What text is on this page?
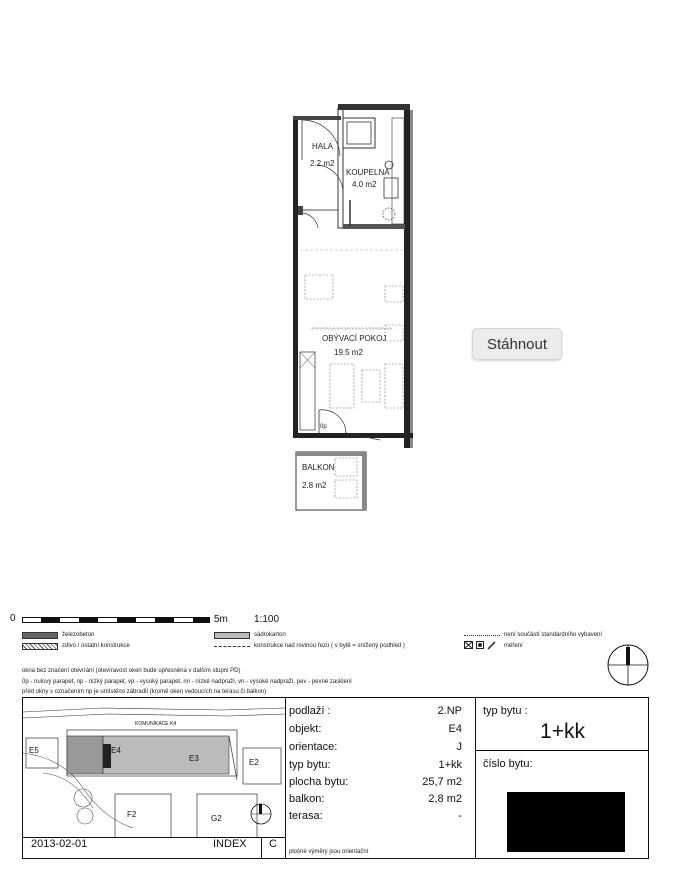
HALA
2.2 m2
KOUPELNA
4.0 m2
OBÝVACÍ POKOJ
19.5 m2
BALKON
2.8 m2
0p
Stáhnout
0	5m	1:100
železobeton
zdivo / ostatní konstrukce
sádrokarton
konstrukce nad rovinou řezu ( v bytě = snížený podhled )
není součástí standardního vybavení
měření
okna bez značení otevírání (otevíravost oken bude upřesněna v dalším stupni PD)
0p - nulový parapet, np - nízký parapet, vp - vysoký parapet, nn - nízké nadpraží, vn - vysoké nadpraží, pev - pevné zasklení
před okny s označením np je umístěno zábradlí (kromě oken vedoucích na terasu či balkon)
KOMUNIKACE K4
E5	E4
E3	E2
F2	G2
podlaží :	2.NP
objekt:	E4
orientace:	J
typ bytu:	1+kk
plocha bytu:	25,7 m2
balkon:	2,8 m2
terasa:	-
2013-02-01	INDEX C
plošné výměry jsou orientační
typ bytu :
1+kk
číslo bytu:
